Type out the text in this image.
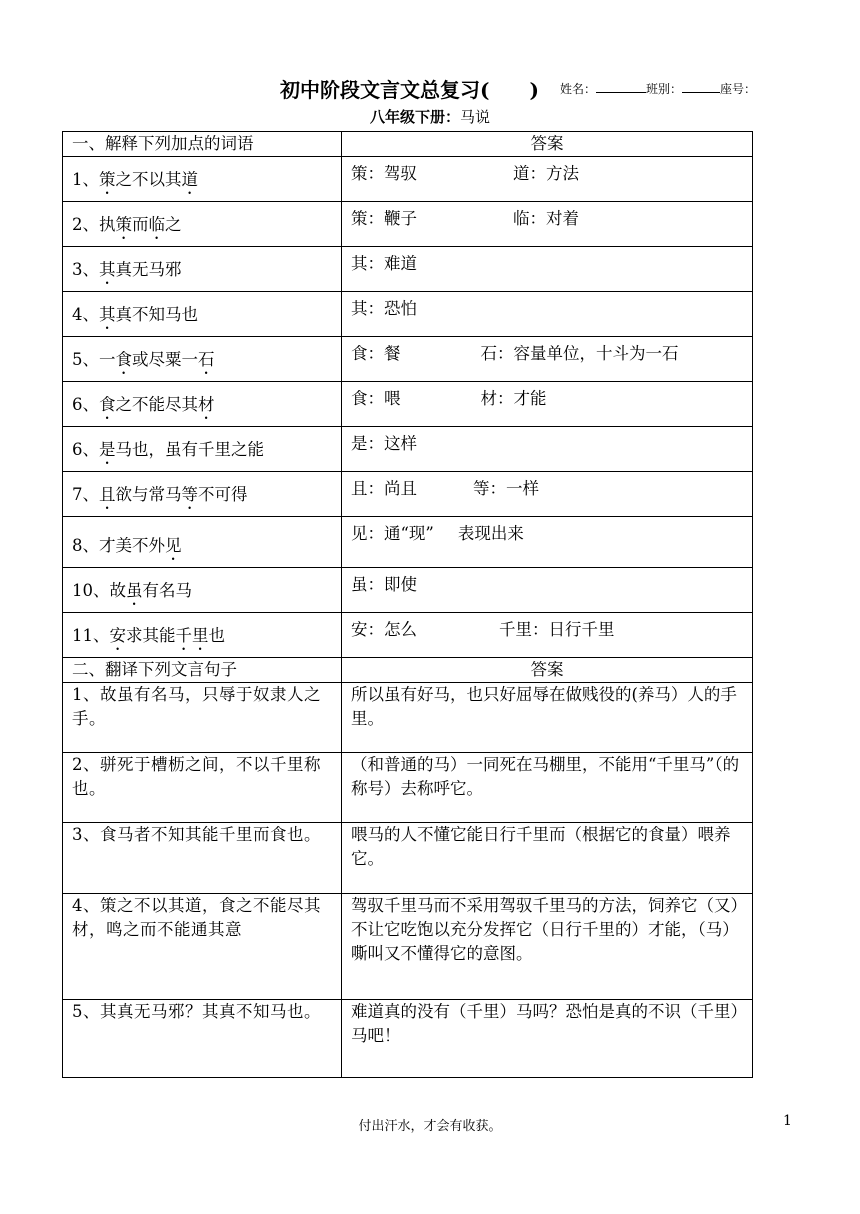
初中阶段文言文总复习(　　) 姓名：	班别：	座号：
八年级下册：马说
一、解释下列加点的词语	答案
1、策之不以其道	策：驾驭 道：方法
2、执策而临之	策：鞭子 临：对着
3、其真无马邪	其：难道
4、其真不知马也	其：恐怕
5、一食或尽粟一石	食：餐 石：容量单位，十斗为一石
6、食之不能尽其材	食：喂 材：才能
6、是马也，虽有千里之能	是：这样
7、且欲与常马等不可得	且：尚且 等：一样
8、才美不外见	见：通“现” 表现出来
10、故虽有名马	虽：即使
11、安求其能千里也	安：怎么 千里：日行千里
二、翻译下列文言句子	答案
1、故虽有名马，只辱于奴隶人之手。	所以虽有好马，也只好屈辱在做贱役的(养马）人的手里。
2、骈死于槽枥之间，不以千里称也。	（和普通的马）一同死在马棚里，不能用“千里马”（的称号）去称呼它。
3、食马者不知其能千里而食也。	喂马的人不懂它能日行千里而（根据它的食量）喂养它。
4、策之不以其道，食之不能尽其材，鸣之而不能通其意	驾驭千里马而不采用驾驭千里马的方法，饲养它（又）不让它吃饱以充分发挥它（日行千里的）才能，（马）嘶叫又不懂得它的意图。
5、其真无马邪？其真不知马也。	难道真的没有（千里）马吗？恐怕是真的不识（千里）马吧！
付出汗水，才会有收获。	1
